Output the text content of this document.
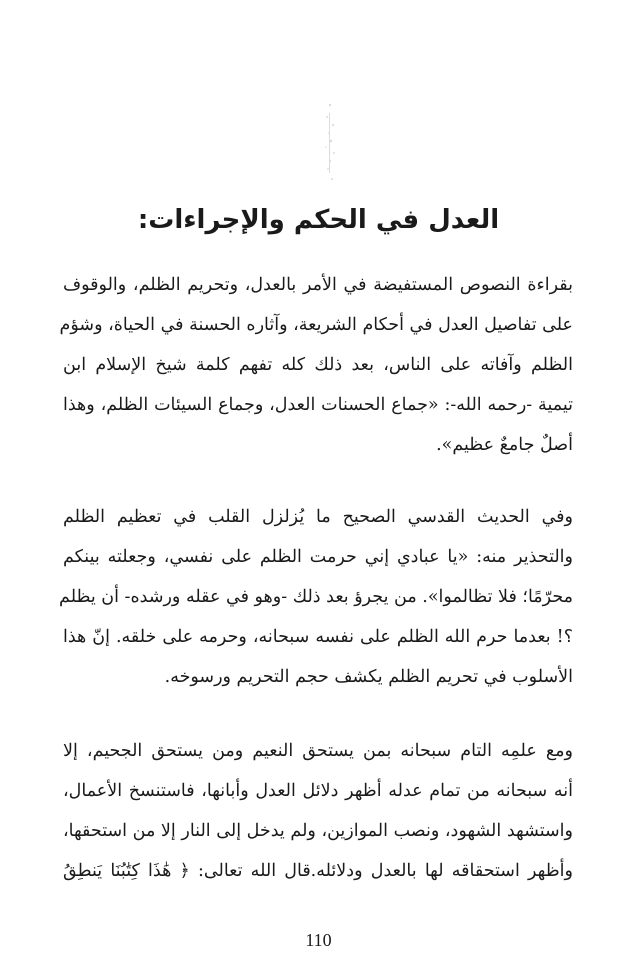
العدل في الحكم والإجراءات:
بقراءة النصوص المستفيضة في الأمر بالعدل، وتحريم الظلم، والوقوف
على تفاصيل العدل في أحكام الشريعة، وآثاره الحسنة في الحياة، وشؤم
الظلم وآفاته على الناس، بعد ذلك كله تفهم كلمة شيخ الإسلام ابن
تيمية -رحمه الله-: «جماع الحسنات العدل، وجماع السيئات الظلم، وهذا
أصلٌ جامعٌ عظيم».
وفي الحديث القدسي الصحيح ما يُزلزل القلب في تعظيم الظلم
والتحذير منه: «يا عبادي إني حرمت الظلم على نفسي، وجعلته بينكم
محرّمًا؛ فلا تظالموا». من يجرؤ بعد ذلك -وهو في عقله ورشده- أن يظلم
؟! بعدما حرم الله الظلم على نفسه سبحانه، وحرمه على خلقه. إنّ هذا
الأسلوب في تحريم الظلم يكشف حجم التحريم ورسوخه.
ومع علمِه التام سبحانه بمن يستحق النعيم ومن يستحق الجحيم، إلا
أنه سبحانه من تمام عدله أظهر دلائل العدل وأبانها، فاستنسخ الأعمال،
واستشهد الشهود، ونصب الموازين، ولم يدخل إلى النار إلا من استحقها،
وأظهر استحقاقه لها بالعدل ودلائله.قال الله تعالى: ﴿ هَٰذَا كِتَٰبُنَا يَنطِقُ
110
